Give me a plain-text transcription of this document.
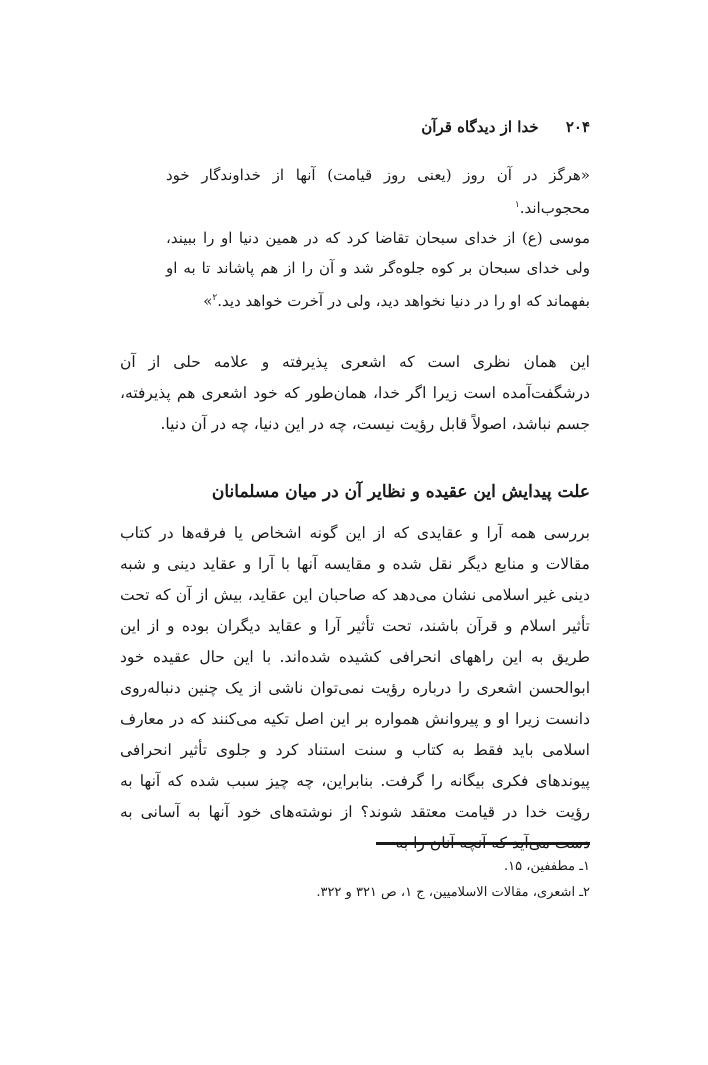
۲۰۴ خدا از دیدگاه قرآن

«هرگز در آن روز (یعنی روز قیامت) آنها از خداوندگار خود محجوب‌اند.$^۱$

موسی (ع) از خدای سبحان تقاضا کرد که در همین دنیا او را ببیند، ولی خدای سبحان بر کوه جلوه‌گر شد و آن را از هم پاشاند تا به او بفهماند که او را در دنیا نخواهد دید، ولی در آخرت خواهد دید.$^۲$»

این همان نظری است که اشعری پذیرفته و علامه حلی از آن درشگفت‌آمده است زیرا اگر خدا، همان‌طور که خود اشعری هم پذیرفته، جسم نباشد، اصولاً قابل رؤیت نیست، چه در این دنیا، چه در آن دنیا.

علت پیدایش این عقیده و نظایر آن در میان مسلمانان

بررسی همه آرا و عقایدی که از این گونه اشخاص یا فرقه‌ها در کتاب مقالات و منابع دیگر نقل شده و مقایسه آنها با آرا و عقاید دینی و شبه دینی غیر اسلامی نشان می‌دهد که صاحبان این عقاید، بیش از آن که تحت تأثیر اسلام و قرآن باشند، تحت تأثیر آرا و عقاید دیگران بوده و از این طریق به این راههای انحرافی کشیده شده‌اند. با این حال عقیده خود ابوالحسن اشعری را درباره رؤیت نمی‌توان ناشی از یک چنین دنباله‌روی دانست زیرا او و پیروانش همواره بر این اصل تکیه می‌کنند که در معارف اسلامی باید فقط به کتاب و سنت استناد کرد و جلوی تأثیر انحرافی پیوندهای فکری بیگانه را گرفت. بنابراین، چه چیز سبب شده که آنها به رؤیت خدا در قیامت معتقد شوند؟ از نوشته‌های خود آنها به آسانی به دست می‌آید که آنچه آنان را به

۱ـ مطففین، ۱۵.
۲ـ اشعری، مقالات الاسلامیین، ج ۱، ص ۳۲۱ و ۳۲۲.
